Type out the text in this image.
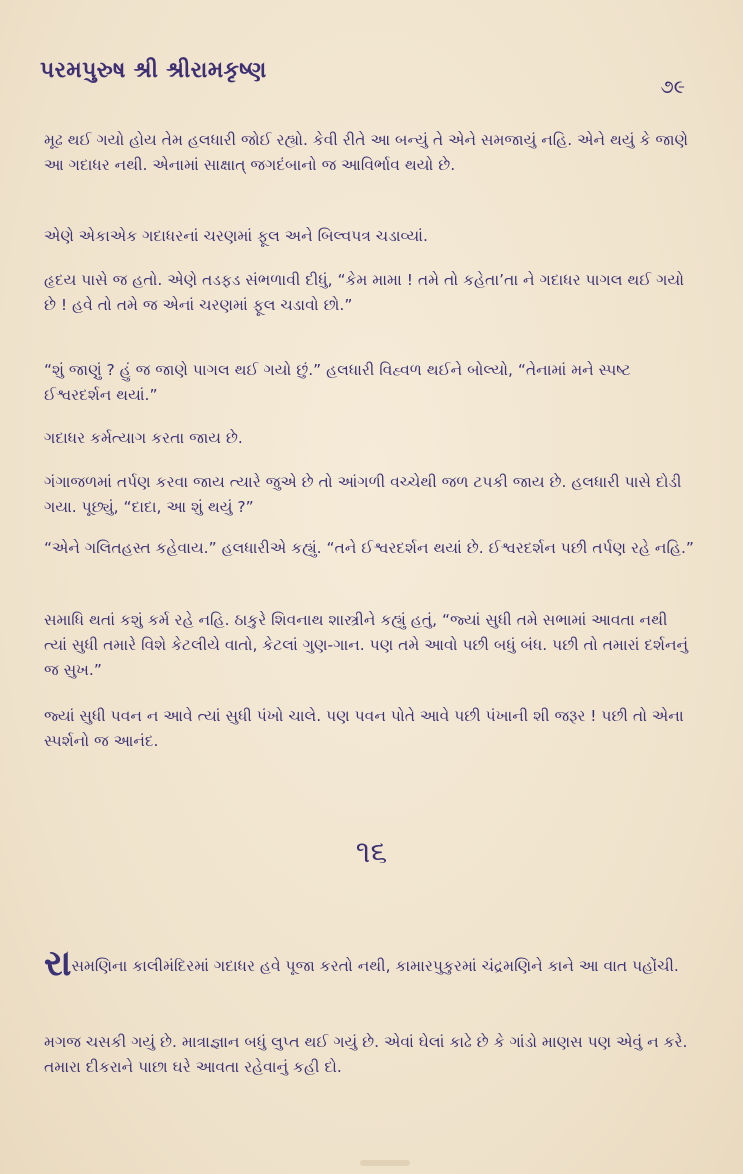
પરમપુરુષ શ્રી શ્રીરામકૃષ્ણ
૭૯

મૂઢ થઈ ગયો હોય તેમ હલધારી જોઈ રહ્યો. કેવી રીતે આ બન્યું તે એને સમજાયું નહિ. એને થયું કે જાણે આ ગદાધર નથી. એનામાં સાક્ષાત્ જગદંબાનો જ આવિર્ભાવ થયો છે.

એણે એકાએક ગદાધરનાં ચરણમાં ફૂલ અને બિલ્વપત્ર ચડાવ્યાં.

હૃદય પાસે જ હતો. એણે તડફડ સંભળાવી દીધું, “કેમ મામા ! તમે તો કહેતા’તા ને ગદાધર પાગલ થઈ ગયો છે ! હવે તો તમે જ એનાં ચરણમાં ફૂલ ચડાવો છો.”

“શું જાણું ? હું જ જાણે પાગલ થઈ ગયો છું.” હલધારી વિહ્વળ થઈને બોલ્યો, “તેનામાં મને સ્પષ્ટ ઈશ્વરદર્શન થયાં.”

ગદાધર કર્મત્યાગ કરતા જાય છે.

ગંગાજળમાં તર્પણ કરવા જાય ત્યારે જુએ છે તો આંગળી વચ્ચેથી જળ ટપકી જાય છે. હલધારી પાસે દોડી ગયા. પૂછ્યું, “દાદા, આ શું થયું ?”

“એને ગલિતહસ્ત કહેવાય.” હલધારીએ કહ્યું. “તને ઈશ્વરદર્શન થયાં છે. ઈશ્વરદર્શન પછી તર્પણ રહે નહિ.”

સમાધિ થતાં કશું કર્મ રહે નહિ. ઠાકુરે શિવનાથ શાસ્ત્રીને કહ્યું હતું, “જ્યાં સુધી તમે સભામાં આવતા નથી ત્યાં સુધી તમારે વિશે કેટલીયે વાતો, કેટલાં ગુણ-ગાન. પણ તમે આવો પછી બધું બંધ. પછી તો તમારાં દર્શનનું જ સુખ.”

જ્યાં સુધી પવન ન આવે ત્યાં સુધી પંખો ચાલે. પણ પવન પોતે આવે પછી પંખાની શી જરૂર ! પછી તો એના સ્પર્શનો જ આનંદ.

૧૬

રાસમણિના કાલીમંદિરમાં ગદાધર હવે પૂજા કરતો નથી, કામારપુકુરમાં ચંદ્રમણિને કાને આ વાત પહોંચી.

મગજ ચસકી ગયું છે. માત્રાજ્ઞાન બધું લુપ્ત થઈ ગયું છે. એવાં ઘેલાં કાઢે છે કે ગાંડો માણસ પણ એવું ન કરે. તમારા દીકરાને પાછા ઘરે આવતા રહેવાનું કહી દો.
